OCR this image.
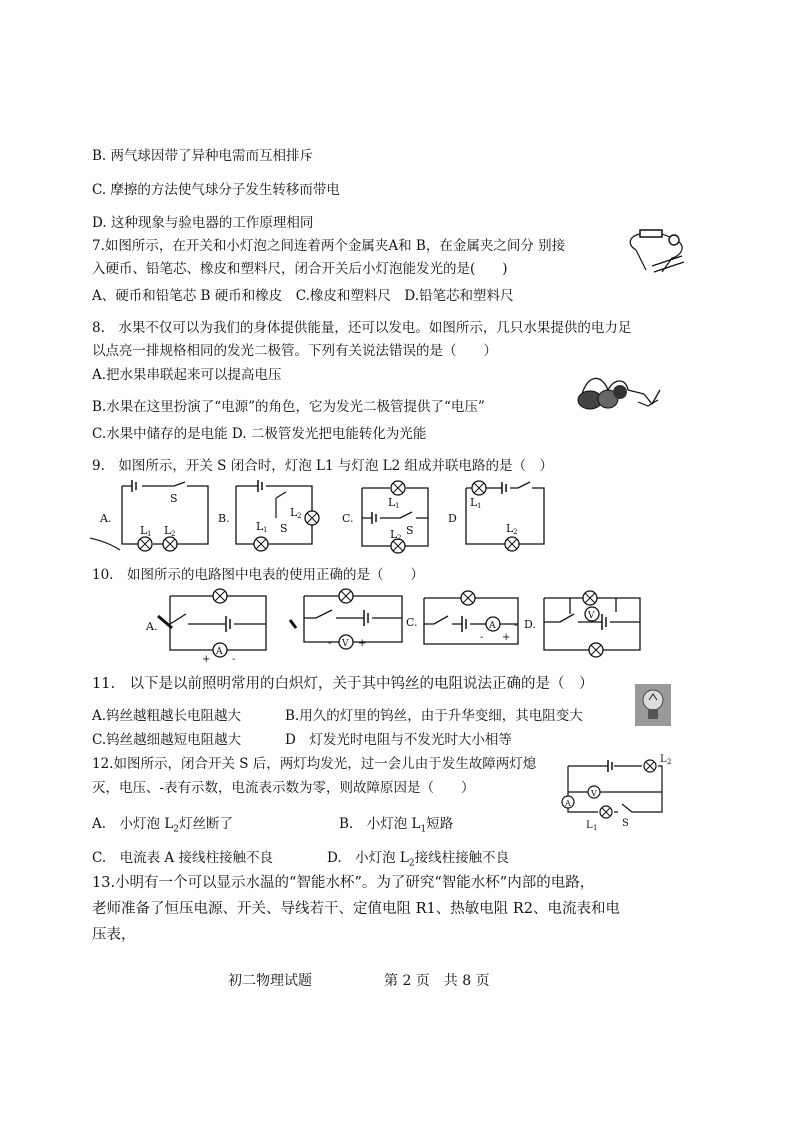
B. 两气球因带了异种电需而互相排斥
C. 摩擦的方法使气球分子发生转移而带电
D. 这种现象与验电器的工作原理相同
7.如图所示，在开关和小灯泡之间连着两个金属夹A和 B，在金属夹之间分 别接
入硬币、铅笔芯、橡皮和塑料尺，闭合开关后小灯泡能发光的是(　　)
A、硬币和铅笔芯 B 硬币和橡皮　C.橡皮和塑料尺　D.铅笔芯和塑料尺
8.　水果不仅可以为我们的身体提供能量，还可以发电。如图所示，几只水果提供的电力足
以点亮一排规格相同的发光二极管。下列有关说法错误的是（　　）
A.把水果串联起来可以提高电压
B.水果在这里扮演了“电源”的角色，它为发光二极管提供了“电压”
C.水果中储存的是电能 D. 二极管发光把电能转化为光能
9.　如图所示，开关 S 闭合时，灯泡 L1 与灯泡 L2 组成并联电路的是（　）
A.
S
L 1 L 2
B.	L 2
L 1 S
C.
L 1
S
L 2
D
L 1
L 2
10.　如图所示的电路图中电表的使用正确的是（　　）
A.
A
+ -
V
-	+
C.	A
- +
D.
V
-
11.　以下是以前照明常用的白炽灯，关于其中钨丝的电阻说法正确的是（　）
A.钨丝越粗越长电阻越大	B.用久的灯里的钨丝，由于升华变细，其电阻变大
C.钨丝越细越短电阻越大	D　灯发光时电阻与不发光时大小相等
12.如图所示，闭合开关 S 后，两灯均发光，过一会儿由于发生故障两灯熄
灭，电压、-表有示数，电流表示数为零，则故障原因是（　　）
A.　小灯泡 $L_2$灯丝断了	B.　小灯泡 $L_1$短路
C.　电流表 A 接线柱接触不良	D.　小灯泡 $L_2$接线柱接触不良
A
V
L 2
L 1 S
13.小明有一个可以显示水温的“智能水杯”。为了研究“智能水杯”内部的电路，
老师准备了恒压电源、开关、导线若干、定值电阻 R1、热敏电阻 R2、电流表和电
压表，
初二物理试题	第 2 页　共 8 页
